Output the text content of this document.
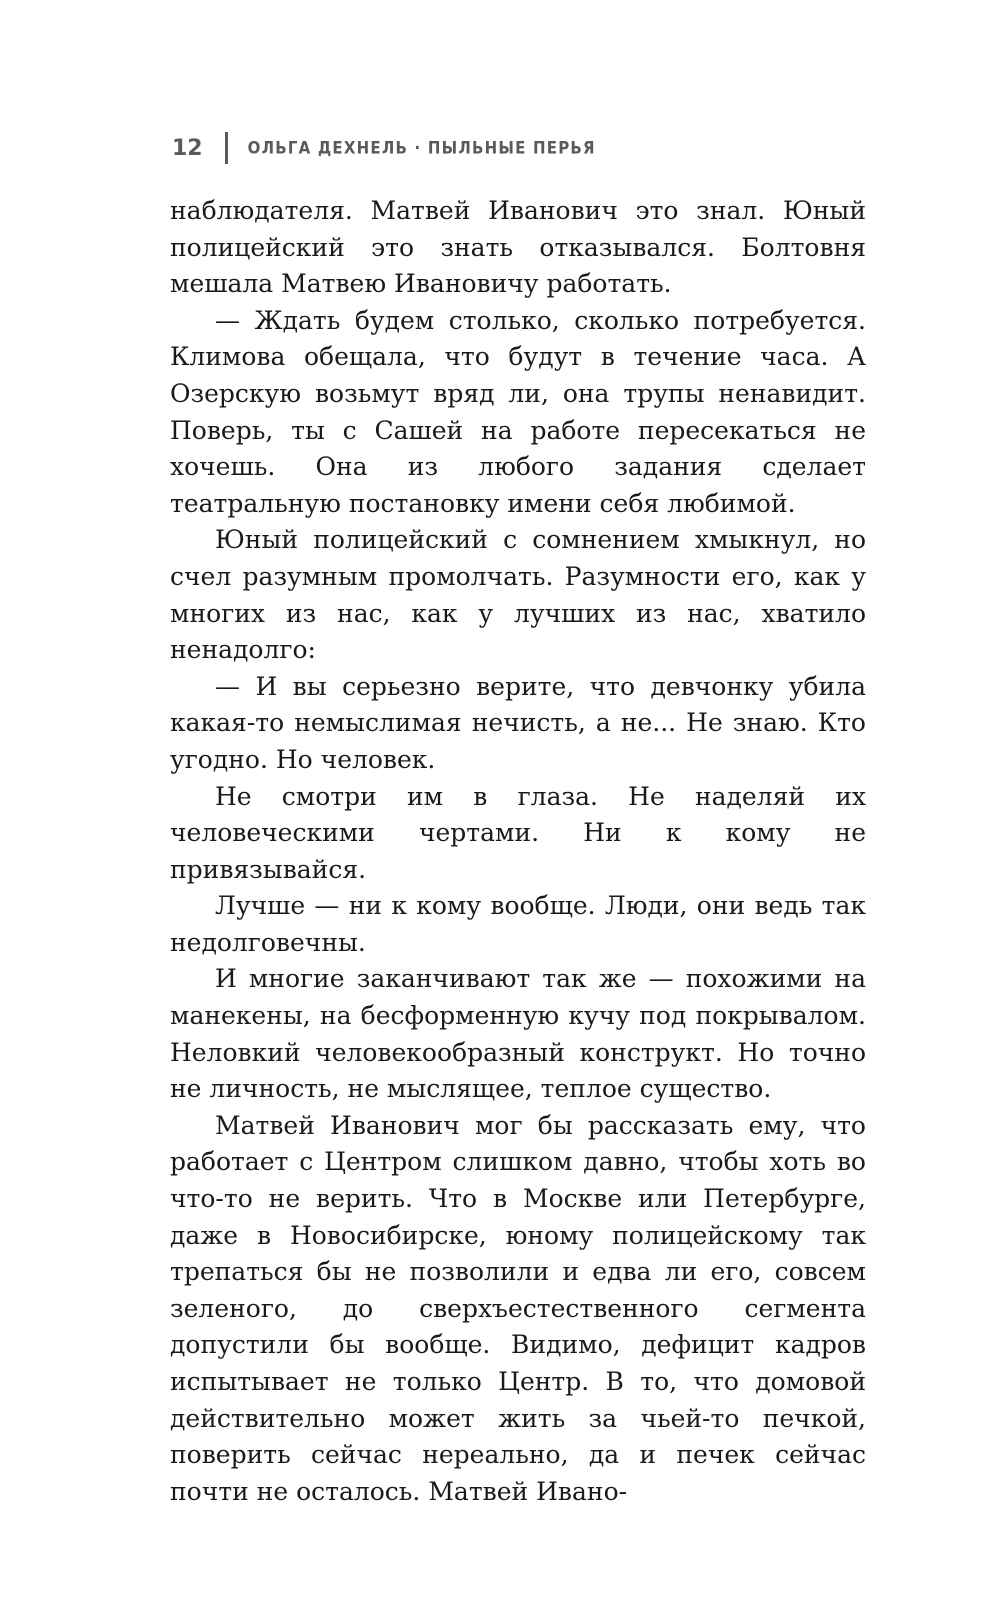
12	ОЛЬГА ДЕХНЕЛЬ · ПЫЛЬНЫЕ ПЕРЬЯ

наблюдателя. Матвей Иванович это знал. Юный полицейский это знать отказывался. Болтовня мешала Матвею Ивановичу работать.

— Ждать будем столько, сколько потребуется. Климова обещала, что будут в течение часа. А Озерскую возьмут вряд ли, она трупы ненавидит. Поверь, ты с Сашей на работе пересекаться не хочешь. Она из любого задания сделает театральную постановку имени себя любимой.

Юный полицейский с сомнением хмыкнул, но счел разумным промолчать. Разумности его, как у многих из нас, как у лучших из нас, хватило ненадолго:

— И вы серьезно верите, что девчонку убила какая-то немыслимая нечисть, а не... Не знаю. Кто угодно. Но человек.

Не смотри им в глаза. Не наделяй их человеческими чертами. Ни к кому не привязывайся.

Лучше — ни к кому вообще. Люди, они ведь так недолговечны.

И многие заканчивают так же — похожими на манекены, на бесформенную кучу под покрывалом. Неловкий человекообразный конструкт. Но точно не личность, не мыслящее, теплое существо.

Матвей Иванович мог бы рассказать ему, что работает с Центром слишком давно, чтобы хоть во что-то не верить. Что в Москве или Петербурге, даже в Новосибирске, юному полицейскому так трепаться бы не позволили и едва ли его, совсем зеленого, до сверхъестественного сегмента допустили бы вообще. Видимо, дефицит кадров испытывает не только Центр. В то, что домовой действительно может жить за чьей-то печкой, поверить сейчас нереально, да и печек сейчас почти не осталось. Матвей Ивано-
